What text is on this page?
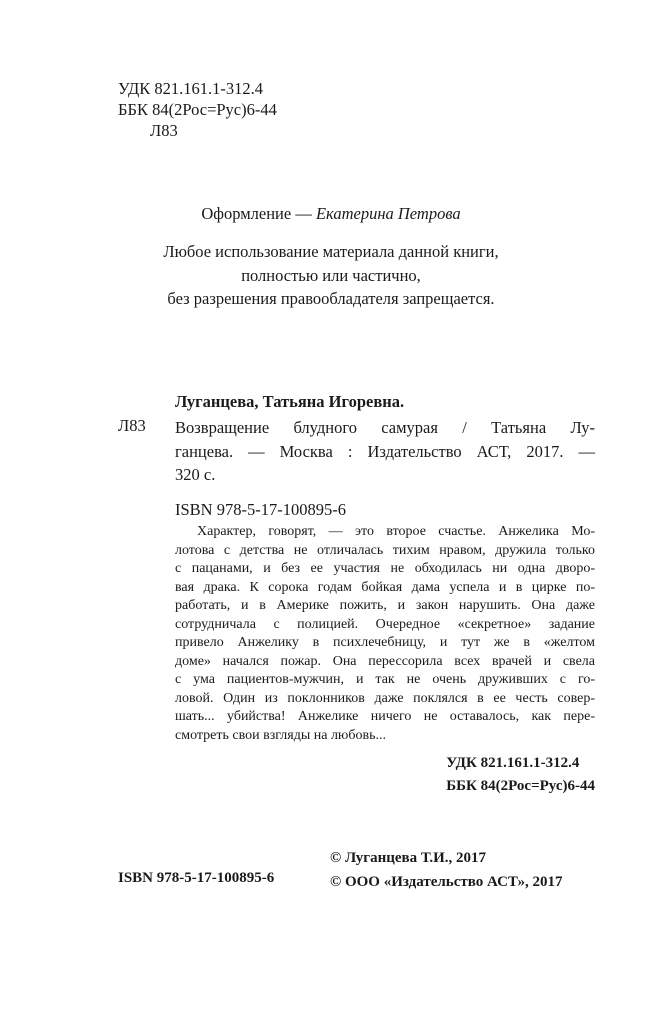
УДК 821.161.1-312.4
ББК 84(2Рос=Рус)6-44
Л83
Оформление — Екатерина Петрова
Любое использование материала данной книги,
полностью или частично,
без разрешения правообладателя запрещается.
Луганцева, Татьяна Игоревна.
Л83 Возвращение блудного самурая / Татьяна Лу-
ганцева. — Москва : Издательство АСТ, 2017. —
320 с.
ISBN 978-5-17-100895-6
Характер, говорят, — это второе счастье. Анжелика Мо-
лотова с детства не отличалась тихим нравом, дружила только
с пацанами, и без ее участия не обходилась ни одна дворо-
вая драка. К сорока годам бойкая дама успела и в цирке по-
работать, и в Америке пожить, и закон нарушить. Она даже
сотрудничала с полицией. Очередное «секретное» задание
привело Анжелику в психлечебницу, и тут же в «желтом
доме» начался пожар. Она перессорила всех врачей и свела
с ума пациентов-мужчин, и так не очень друживших с го-
ловой. Один из поклонников даже поклялся в ее честь совер-
шать... убийства! Анжелике ничего не оставалось, как пере-
смотреть свои взгляды на любовь...
УДК 821.161.1-312.4
ББК 84(2Рос=Рус)6-44
© Луганцева Т.И., 2017
© ООО «Издательство АСТ», 2017
ISBN 978-5-17-100895-6
